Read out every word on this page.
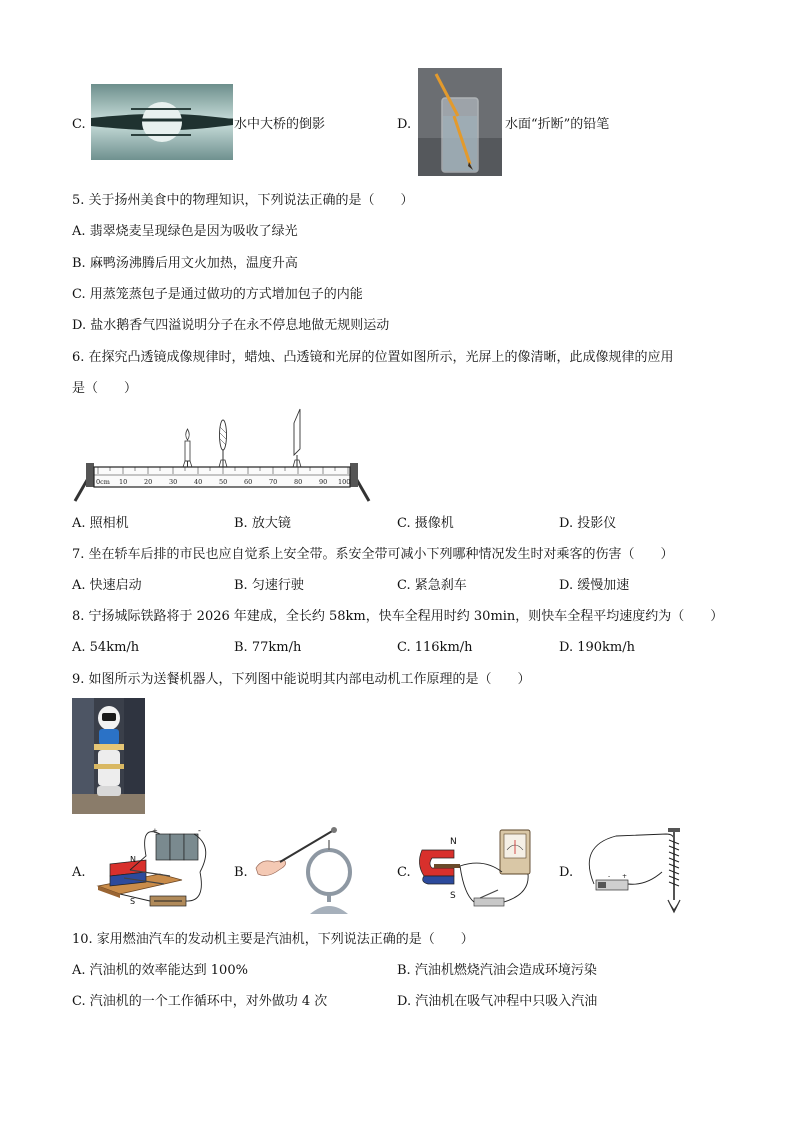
C.	水中大桥的倒影	D.	水面“折断”的铅笔
5. 关于扬州美食中的物理知识，下列说法正确的是（　　）
A. 翡翠烧麦呈现绿色是因为吸收了绿光
B. 麻鸭汤沸腾后用文火加热，温度升高
C. 用蒸笼蒸包子是通过做功的方式增加包子的内能
D. 盐水鹅香气四溢说明分子在永不停息地做无规则运动
6. 在探究凸透镜成像规律时，蜡烛、凸透镜和光屏的位置如图所示，光屏上的像清晰，此成像规律的应用
是（　　）
0cm 10	20	30	40	50	60	70	80	90 100
A. 照相机	B. 放大镜	C. 摄像机	D. 投影仪
7. 坐在轿车后排的市民也应自觉系上安全带。系安全带可减小下列哪种情况发生时对乘客的伤害（　　）
A. 快速启动	B. 匀速行驶	C. 紧急刹车	D. 缓慢加速
8. 宁扬城际铁路将于 2026 年建成，全长约 58km，快车全程用时约 30min，则快车全程平均速度约为（　　）
A. 54km/h	B. 77km/h	C. 116km/h	D. 190km/h
9. 如图所示为送餐机器人，下列图中能说明其内部电动机工作原理的是（　　）
A.
N
S
+	-
B.	C.
N
S
D.	- +
10. 家用燃油汽车的发动机主要是汽油机，下列说法正确的是（　　）
A. 汽油机的效率能达到 100%	B. 汽油机燃烧汽油会造成环境污染
C. 汽油机的一个工作循环中，对外做功 4 次	D. 汽油机在吸气冲程中只吸入汽油
